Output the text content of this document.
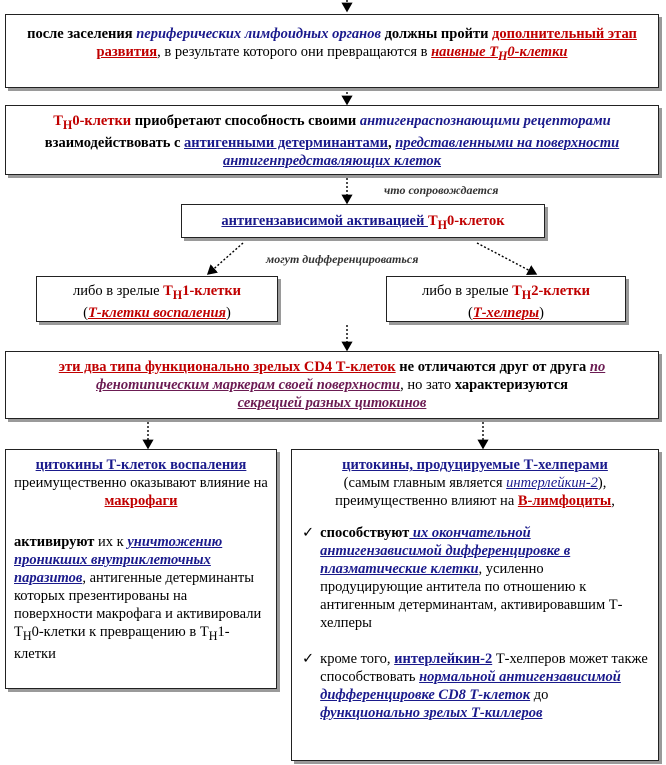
после заселения периферических лимфоидных органов должны пройти дополнительный этап развития, в результате которого они превращаются в наивные $Т_Н0$-клетки
$Т_Н0$-клетки приобретают способность своими антигенраспознающими рецепторами взаимодействовать с антигенными детерминантами, представленными на поверхности антигенпредставляющих клеток
что сопровождается
антигензависимой активацией $Т_Н0$-клеток
могут дифференцироваться
либо в зрелые $Т_Н1$-клетки
(Т-клетки воспаления)
либо в зрелые $Т_Н2$-клетки
(Т-хелперы)
эти два типа функционально зрелых CD4 Т-клеток не отличаются друг от друга по фенотипическим маркерам своей поверхности, но зато характеризуются
секрецией разных цитокинов
цитокины Т-клеток воспаления
преимущественно оказывают влияние на макрофаги
активируют их к уничтожению проникших внутриклеточных паразитов, антигенные детерминанты которых презентированы на поверхности макрофага и активировали $Т_Н0$-клетки к превращению в $Т_Н1$-клетки
цитокины, продуцируемые Т-хелперами
(самым главным является интерлейкин-2),
преимущественно влияют на В-лимфоциты,
✓ способствуют их окончательной антигензависимой дифференцировке в плазматические клетки, усиленно продуцирующие антитела по отношению к антигенным детерминантам, активировавшим Т-хелперы
✓ кроме того, интерлейкин-2 Т-хелперов может также способствовать нормальной антигензависимой дифференцировке CD8 Т-клеток до функционально зрелых Т-киллеров
